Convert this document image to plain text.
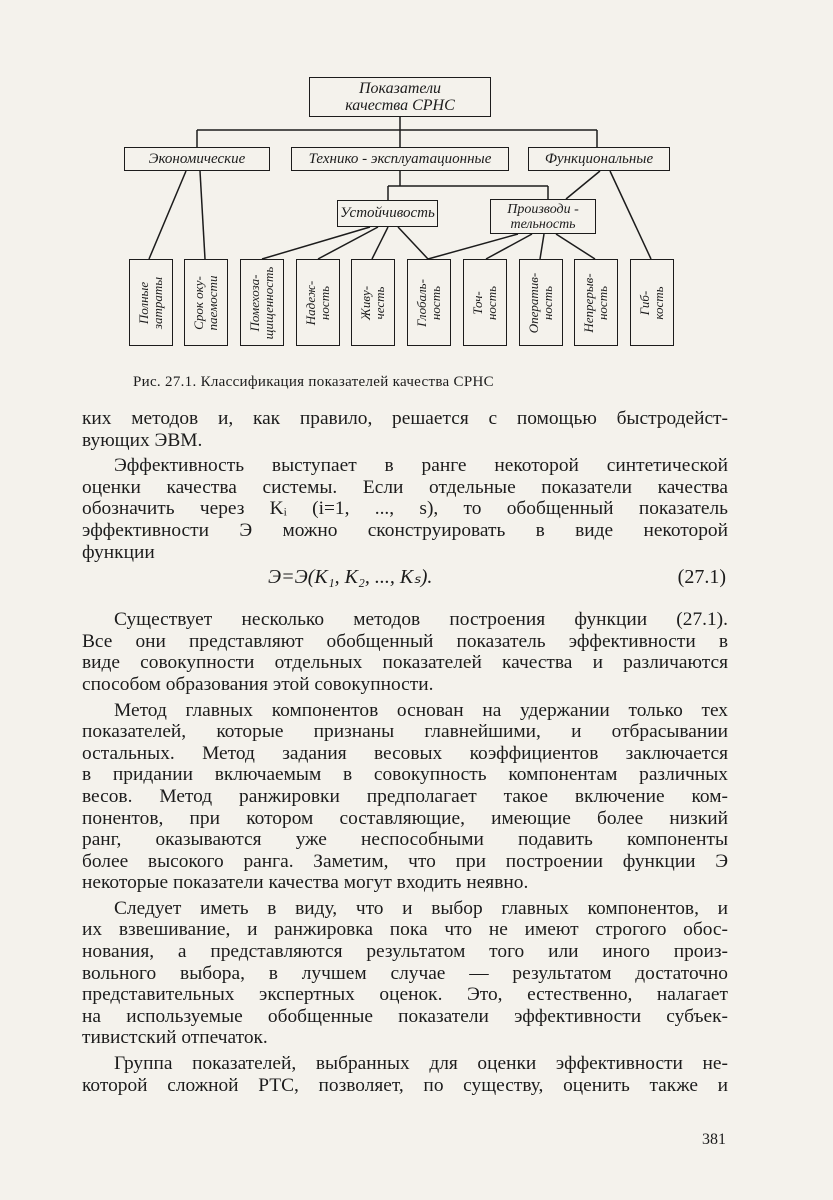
Показатели
качества СРНС
Экономические	Технико - эксплуатационные	Функциональные
Устойчивость	Производи -
тельность
Полные
затраты Срок оку-
паемости Помехоза-
щищенность Надеж-
ность Живу-
честь Глобаль-
ность Точ-
ность Оператив-
ность Непрерыв-
ность Гиб-
кость
Рис. 27.1. Классификация показателей качества СРНС
ких методов и, как правило, решается с помощью быстродейст-
вующих ЭВМ.
Эффективность выступает в ранге некоторой синтетической
оценки качества системы. Если отдельные показатели качества
обозначить через Kᵢ (i=1, ..., s), то обобщенный показатель
эффективности Э можно сконструировать в виде некоторой
функции
Э=Э(K₁, K₂, ..., Kₛ).	(27.1)
Существует несколько методов построения функции (27.1).
Все они представляют обобщенный показатель эффективности в
виде совокупности отдельных показателей качества и различаются
способом образования этой совокупности.
Метод главных компонентов основан на удержании только тех
показателей, которые признаны главнейшими, и отбрасывании
остальных. Метод задания весовых коэффициентов заключается
в придании включаемым в совокупность компонентам различных
весов. Метод ранжировки предполагает такое включение ком-
понентов, при котором составляющие, имеющие более низкий
ранг, оказываются уже неспособными подавить компоненты
более высокого ранга. Заметим, что при построении функции Э
некоторые показатели качества могут входить неявно.
Следует иметь в виду, что и выбор главных компонентов, и
их взвешивание, и ранжировка пока что не имеют строгого обос-
нования, а представляются результатом того или иного произ-
вольного выбора, в лучшем случае — результатом достаточно
представительных экспертных оценок. Это, естественно, налагает
на используемые обобщенные показатели эффективности субъек-
тивистский отпечаток.
Группа показателей, выбранных для оценки эффективности не-
которой сложной РТС, позволяет, по существу, оценить также и
381
